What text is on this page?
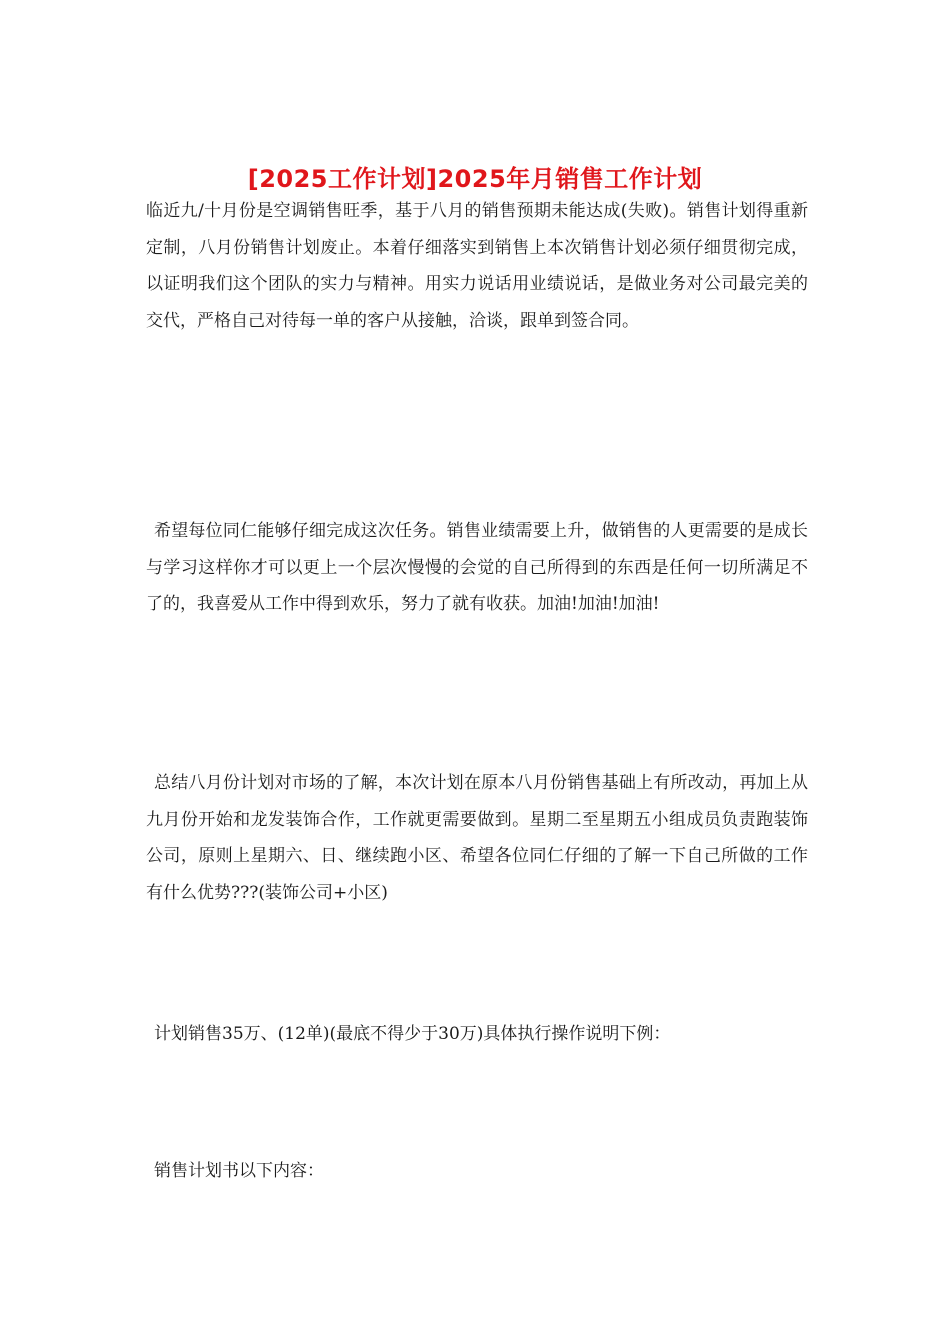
[2025工作计划]2025年月销售工作计划

临近九/十月份是空调销售旺季，基于八月的销售预期未能达成(失败)。销售计划得重新定制，八月份销售计划废止。本着仔细落实到销售上本次销售计划必须仔细贯彻完成，以证明我们这个团队的实力与精神。用实力说话用业绩说话，是做业务对公司最完美的交代，严格自己对待每一单的客户从接触，洽谈，跟单到签合同。

希望每位同仁能够仔细完成这次任务。销售业绩需要上升，做销售的人更需要的是成长与学习这样你才可以更上一个层次慢慢的会觉的自己所得到的东西是任何一切所满足不了的，我喜爱从工作中得到欢乐，努力了就有收获。加油!加油!加油!

总结八月份计划对市场的了解，本次计划在原本八月份销售基础上有所改动，再加上从九月份开始和龙发装饰合作，工作就更需要做到。星期二至星期五小组成员负责跑装饰公司，原则上星期六、日、继续跑小区、希望各位同仁仔细的了解一下自己所做的工作有什么优势???(装饰公司+小区)

计划销售35万、(12单)(最底不得少于30万)具体执行操作说明下例：

销售计划书以下内容：
